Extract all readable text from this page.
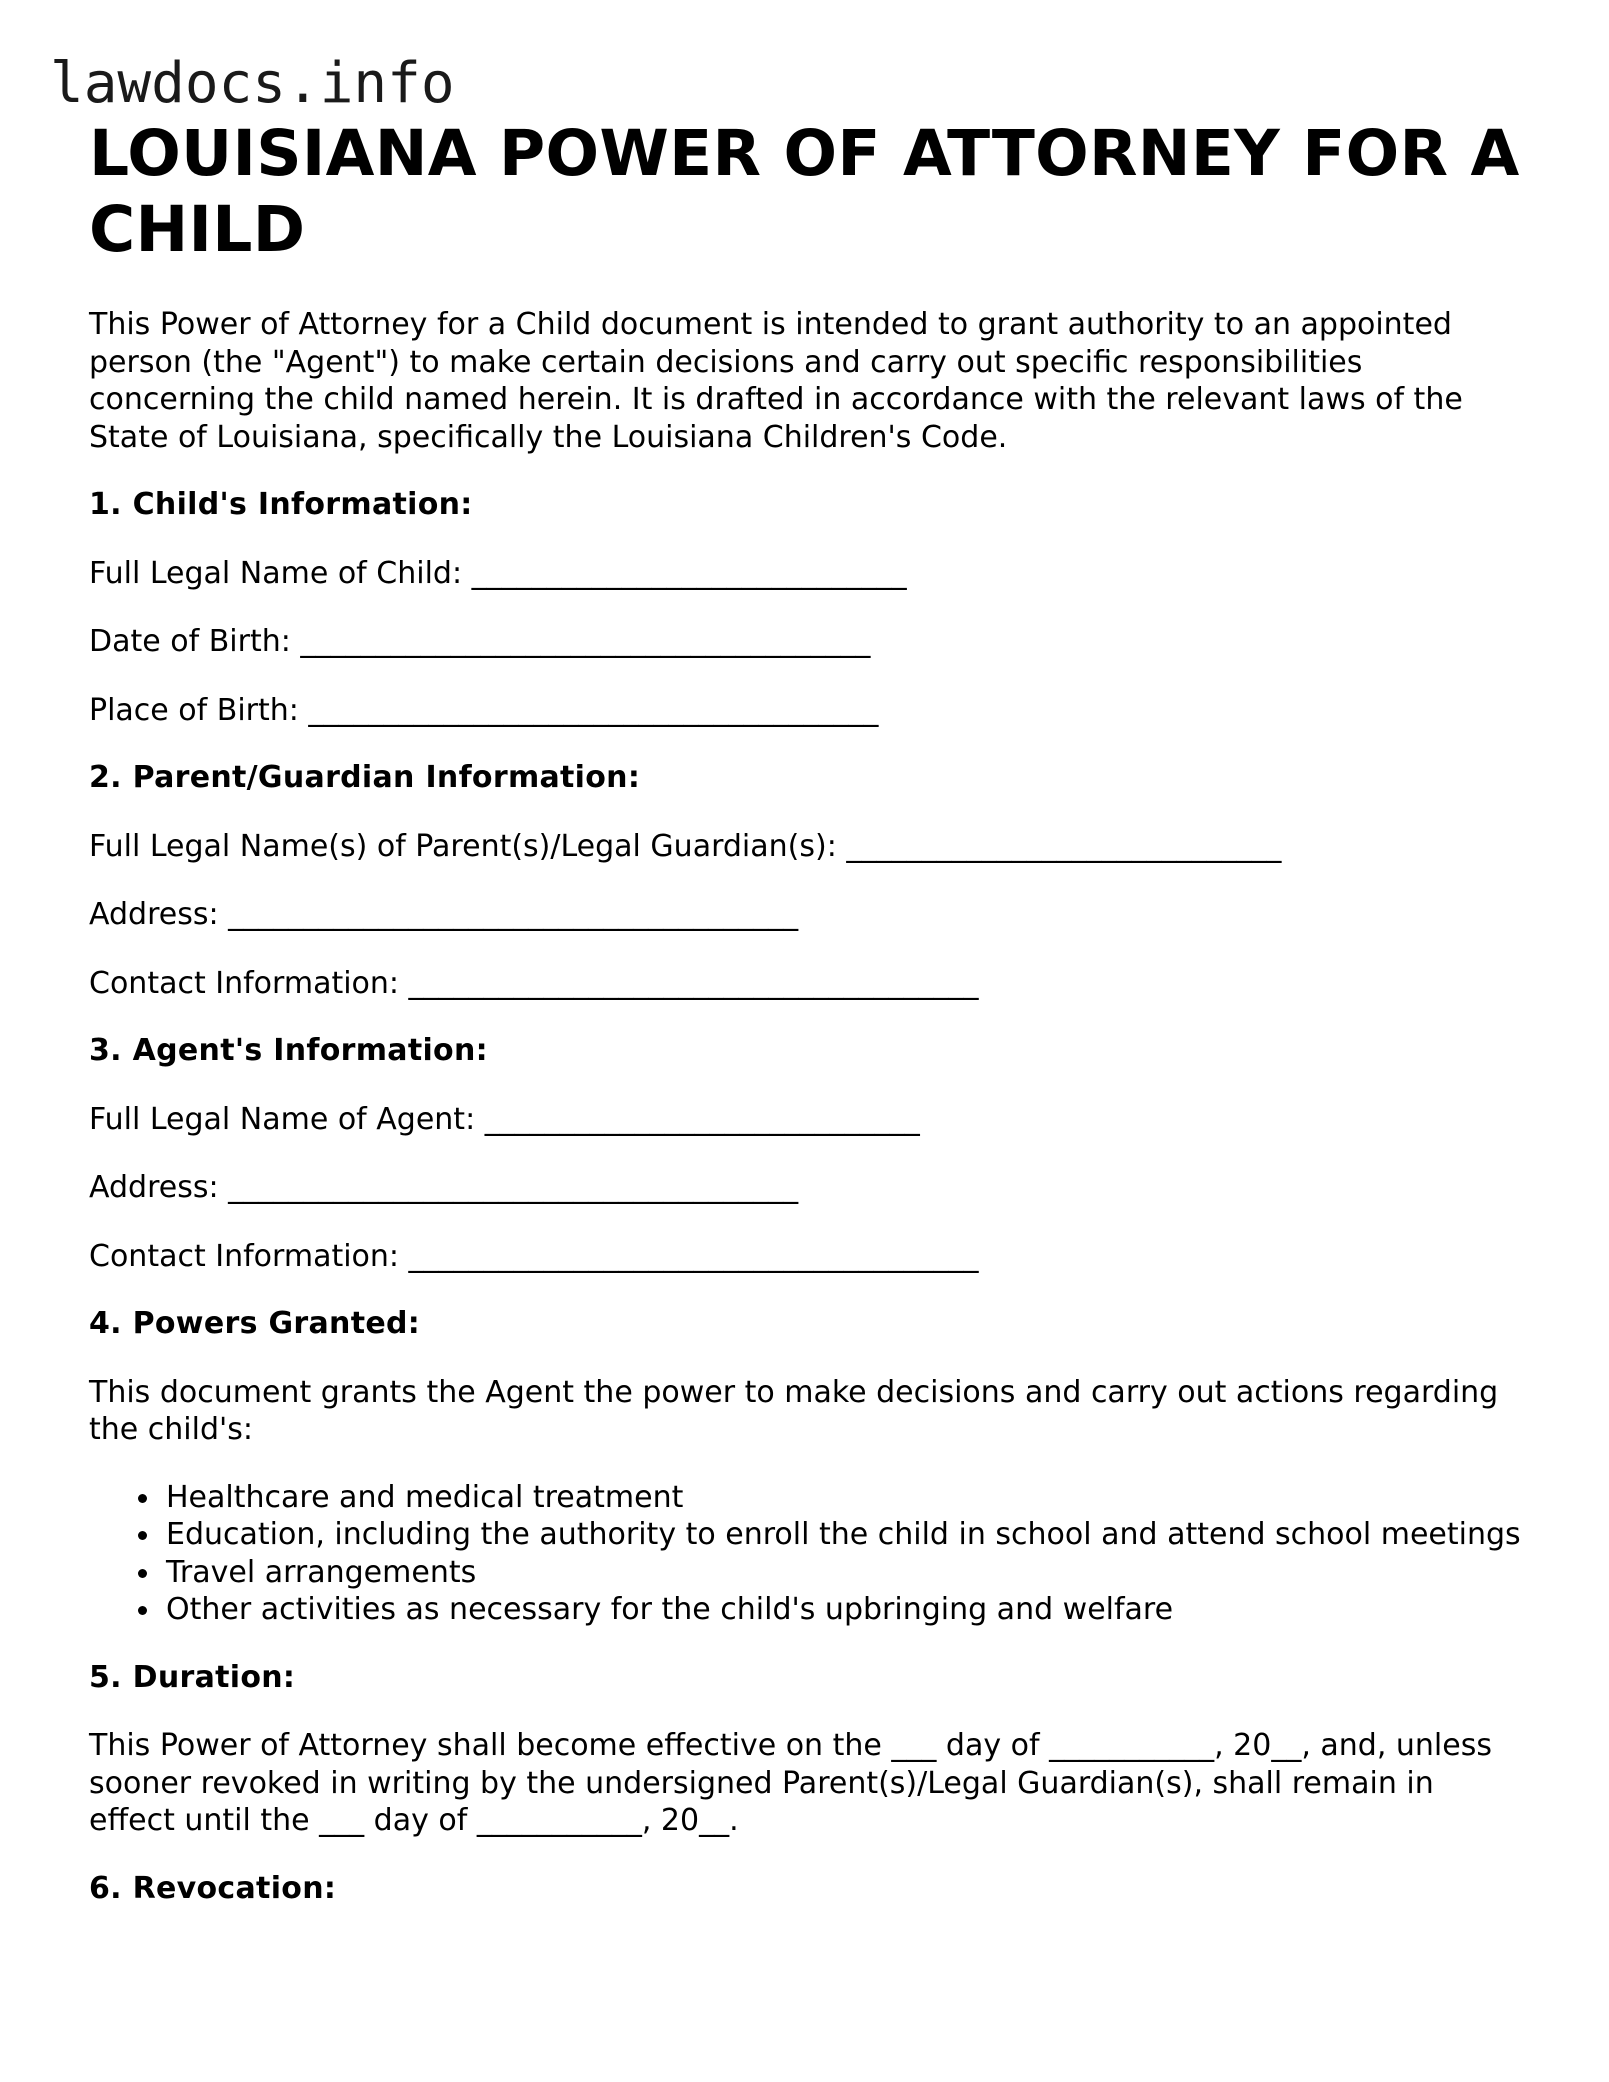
lawdocs.info
LOUISIANA POWER OF ATTORNEY FOR A CHILD

This Power of Attorney for a Child document is intended to grant authority to an appointed person (the "Agent") to make certain decisions and carry out specific responsibilities concerning the child named herein. It is drafted in accordance with the relevant laws of the State of Louisiana, specifically the Louisiana Children's Code.

1. Child's Information:
Full Legal Name of Child: _____________________________
Date of Birth: ______________________________________
Place of Birth: ______________________________________
2. Parent/Guardian Information:
Full Legal Name(s) of Parent(s)/Legal Guardian(s): _____________________________
Address: ______________________________________
Contact Information: ______________________________________
3. Agent's Information:
Full Legal Name of Agent: _____________________________
Address: ______________________________________
Contact Information: ______________________________________
4. Powers Granted:

This document grants the Agent the power to make decisions and carry out actions regarding the child's:

Healthcare and medical treatment
Education, including the authority to enroll the child in school and attend school meetings
Travel arrangements
Other activities as necessary for the child's upbringing and welfare
5. Duration:

This Power of Attorney shall become effective on the ___ day of ___________, 20__, and, unless sooner revoked in writing by the undersigned Parent(s)/Legal Guardian(s), shall remain in effect until the ___ day of ___________, 20__.

6. Revocation:
